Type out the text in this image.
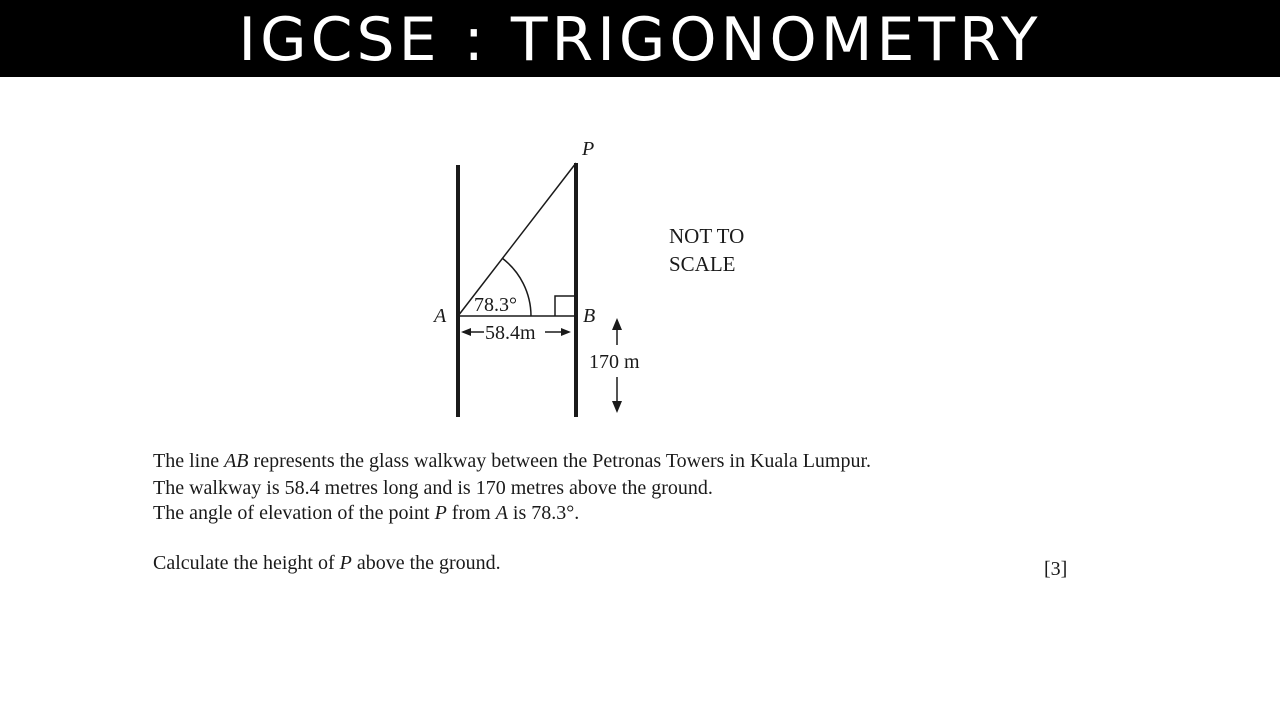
IGCSE : TRIGONOMETRY
P
A	B
78.3°
58.4m
170 m
NOT TO
SCALE

The line AB represents the glass walkway between the Petronas Towers in Kuala Lumpur.

The walkway is 58.4 metres long and is 170 metres above the ground.

The angle of elevation of the point P from A is 78.3°.

Calculate the height of P above the ground.	[3]
